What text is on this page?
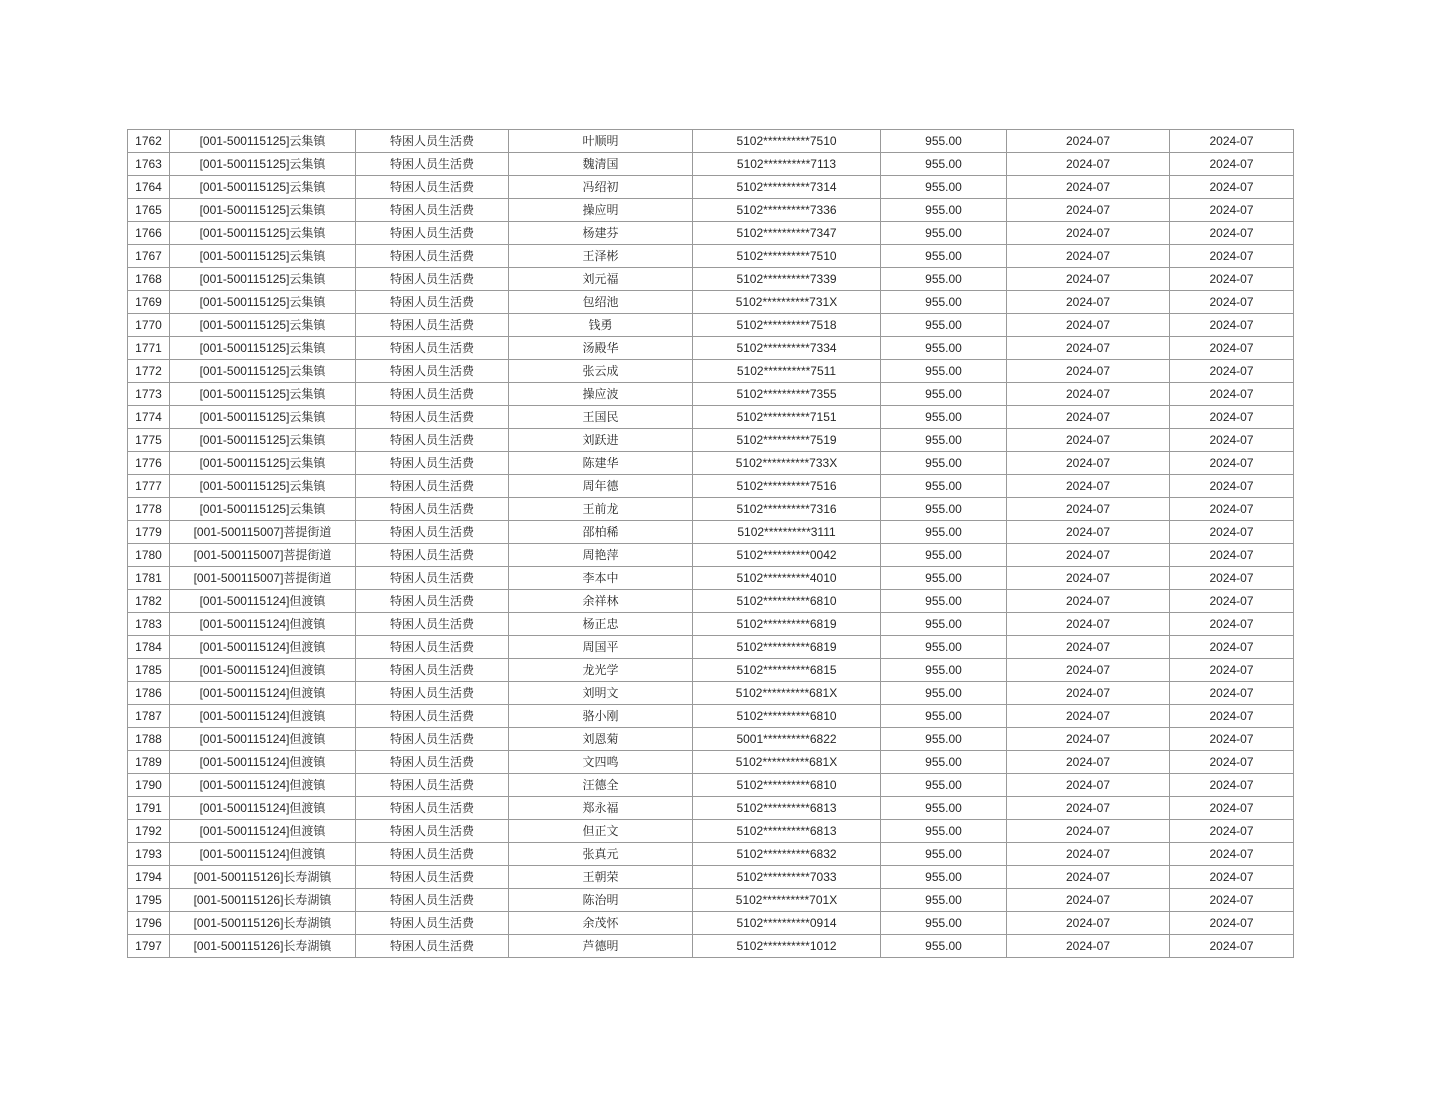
1762	[001-500115125]云集镇	特困人员生活费	叶顺明	5102**********7510	955.00	2024-07	2024-07
1763	[001-500115125]云集镇	特困人员生活费	魏清国	5102**********7113	955.00	2024-07	2024-07
1764	[001-500115125]云集镇	特困人员生活费	冯绍初	5102**********7314	955.00	2024-07	2024-07
1765	[001-500115125]云集镇	特困人员生活费	操应明	5102**********7336	955.00	2024-07	2024-07
1766	[001-500115125]云集镇	特困人员生活费	杨建芬	5102**********7347	955.00	2024-07	2024-07
1767	[001-500115125]云集镇	特困人员生活费	王泽彬	5102**********7510	955.00	2024-07	2024-07
1768	[001-500115125]云集镇	特困人员生活费	刘元福	5102**********7339	955.00	2024-07	2024-07
1769	[001-500115125]云集镇	特困人员生活费	包绍池	5102**********731X	955.00	2024-07	2024-07
1770	[001-500115125]云集镇	特困人员生活费	钱勇	5102**********7518	955.00	2024-07	2024-07
1771	[001-500115125]云集镇	特困人员生活费	汤殿华	5102**********7334	955.00	2024-07	2024-07
1772	[001-500115125]云集镇	特困人员生活费	张云成	5102**********7511	955.00	2024-07	2024-07
1773	[001-500115125]云集镇	特困人员生活费	操应波	5102**********7355	955.00	2024-07	2024-07
1774	[001-500115125]云集镇	特困人员生活费	王国民	5102**********7151	955.00	2024-07	2024-07
1775	[001-500115125]云集镇	特困人员生活费	刘跃进	5102**********7519	955.00	2024-07	2024-07
1776	[001-500115125]云集镇	特困人员生活费	陈建华	5102**********733X	955.00	2024-07	2024-07
1777	[001-500115125]云集镇	特困人员生活费	周年德	5102**********7516	955.00	2024-07	2024-07
1778	[001-500115125]云集镇	特困人员生活费	王前龙	5102**********7316	955.00	2024-07	2024-07
1779	[001-500115007]菩提街道	特困人员生活费	邵柏稀	5102**********3111	955.00	2024-07	2024-07
1780	[001-500115007]菩提街道	特困人员生活费	周艳萍	5102**********0042	955.00	2024-07	2024-07
1781	[001-500115007]菩提街道	特困人员生活费	李本中	5102**********4010	955.00	2024-07	2024-07
1782	[001-500115124]但渡镇	特困人员生活费	余祥林	5102**********6810	955.00	2024-07	2024-07
1783	[001-500115124]但渡镇	特困人员生活费	杨正忠	5102**********6819	955.00	2024-07	2024-07
1784	[001-500115124]但渡镇	特困人员生活费	周国平	5102**********6819	955.00	2024-07	2024-07
1785	[001-500115124]但渡镇	特困人员生活费	龙光学	5102**********6815	955.00	2024-07	2024-07
1786	[001-500115124]但渡镇	特困人员生活费	刘明文	5102**********681X	955.00	2024-07	2024-07
1787	[001-500115124]但渡镇	特困人员生活费	骆小刚	5102**********6810	955.00	2024-07	2024-07
1788	[001-500115124]但渡镇	特困人员生活费	刘恩菊	5001**********6822	955.00	2024-07	2024-07
1789	[001-500115124]但渡镇	特困人员生活费	文四鸣	5102**********681X	955.00	2024-07	2024-07
1790	[001-500115124]但渡镇	特困人员生活费	汪德全	5102**********6810	955.00	2024-07	2024-07
1791	[001-500115124]但渡镇	特困人员生活费	郑永福	5102**********6813	955.00	2024-07	2024-07
1792	[001-500115124]但渡镇	特困人员生活费	但正文	5102**********6813	955.00	2024-07	2024-07
1793	[001-500115124]但渡镇	特困人员生活费	张真元	5102**********6832	955.00	2024-07	2024-07
1794	[001-500115126]长寿湖镇	特困人员生活费	王朝荣	5102**********7033	955.00	2024-07	2024-07
1795	[001-500115126]长寿湖镇	特困人员生活费	陈治明	5102**********701X	955.00	2024-07	2024-07
1796	[001-500115126]长寿湖镇	特困人员生活费	余茂怀	5102**********0914	955.00	2024-07	2024-07
1797	[001-500115126]长寿湖镇	特困人员生活费	芦德明	5102**********1012	955.00	2024-07	2024-07
